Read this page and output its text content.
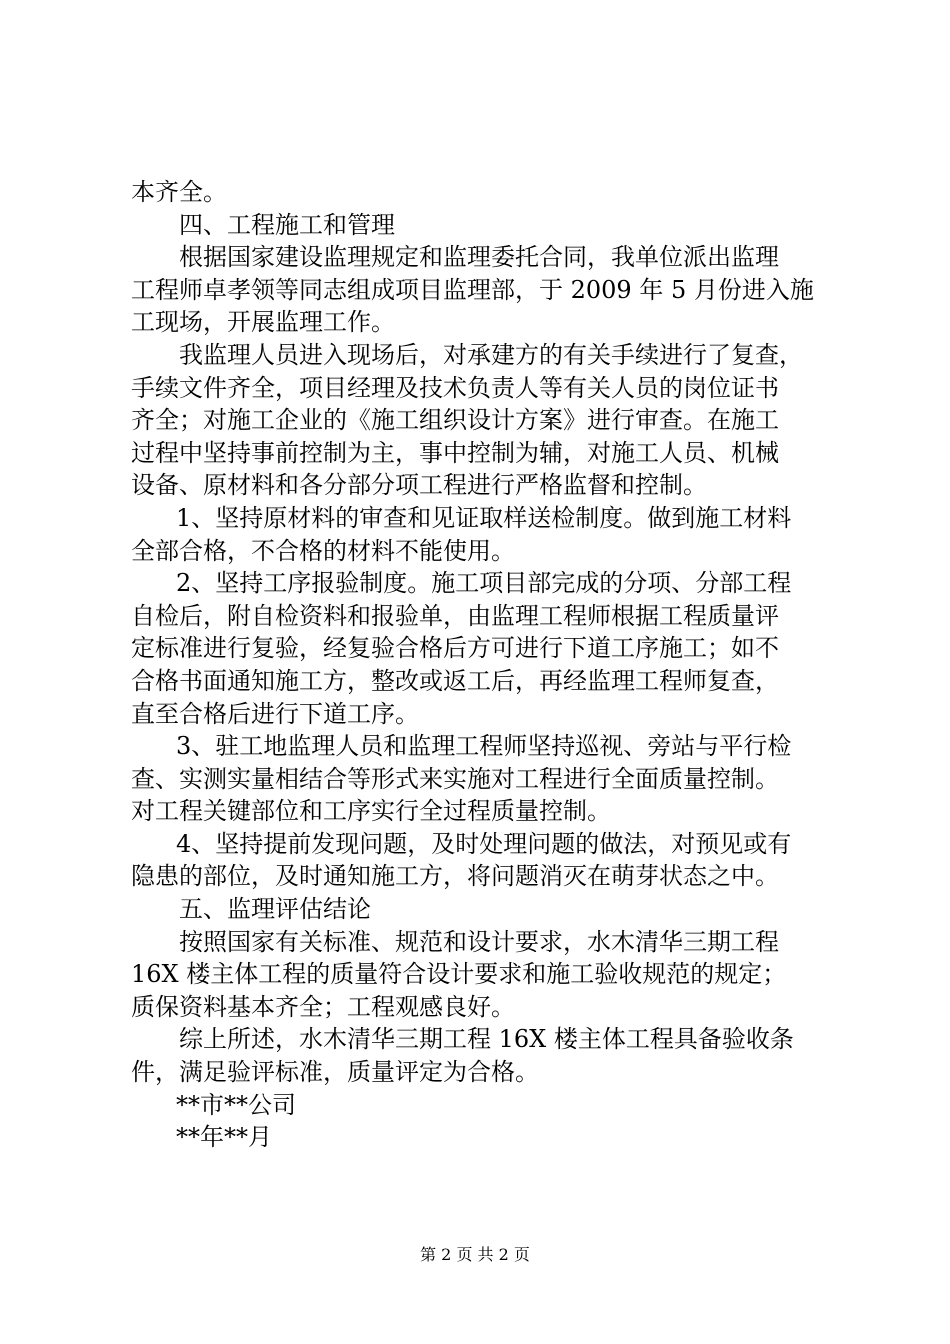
本齐全。
四、工程施工和管理
根据国家建设监理规定和监理委托合同，我单位派出监理
工程师卓孝领等同志组成项目监理部，于 2009 年 5 月份进入施
工现场，开展监理工作。
我监理人员进入现场后，对承建方的有关手续进行了复查，
手续文件齐全，项目经理及技术负责人等有关人员的岗位证书
齐全；对施工企业的《施工组织设计方案》进行审查。在施工
过程中坚持事前控制为主，事中控制为辅，对施工人员、机械
设备、原材料和各分部分项工程进行严格监督和控制。
1、坚持原材料的审查和见证取样送检制度。做到施工材料
全部合格，不合格的材料不能使用。
2、坚持工序报验制度。施工项目部完成的分项、分部工程
自检后，附自检资料和报验单，由监理工程师根据工程质量评
定标准进行复验，经复验合格后方可进行下道工序施工；如不
合格书面通知施工方，整改或返工后，再经监理工程师复查，
直至合格后进行下道工序。
3、驻工地监理人员和监理工程师坚持巡视、旁站与平行检
查、实测实量相结合等形式来实施对工程进行全面质量控制。
对工程关键部位和工序实行全过程质量控制。
4、坚持提前发现问题，及时处理问题的做法，对预见或有
隐患的部位，及时通知施工方，将问题消灭在萌芽状态之中。
五、监理评估结论
按照国家有关标准、规范和设计要求，水木清华三期工程
16X 楼主体工程的质量符合设计要求和施工验收规范的规定；
质保资料基本齐全；工程观感良好。
综上所述，水木清华三期工程 16X 楼主体工程具备验收条
件，满足验评标准，质量评定为合格。
**市**公司
**年**月
第 2 页 共 2 页
